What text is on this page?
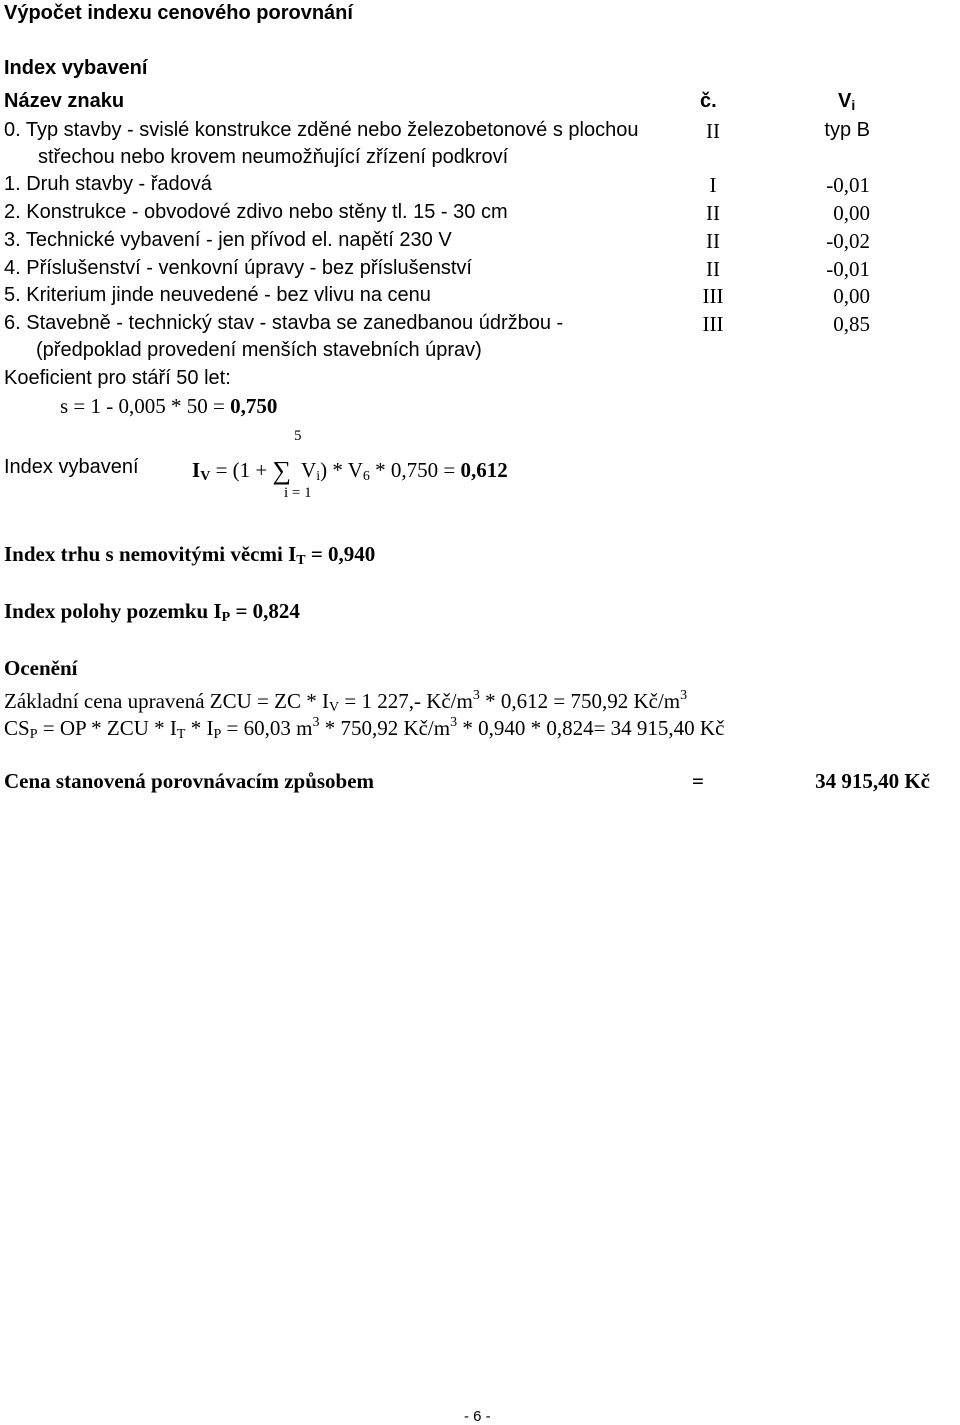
Výpočet indexu cenového porovnání
Index vybavení
Název znaku	č.	$V_i$
0. Typ stavby - svislé konstrukce zděné nebo železobetonové s plochou
střechou nebo krovem neumožňující zřízení podkroví
II	typ B
1. Druh stavby - řadová	I	-0,01
2. Konstrukce - obvodové zdivo nebo stěny tl. 15 - 30 cm	II	0,00
3. Technické vybavení - jen přívod el. napětí 230 V	II	-0,02
4. Příslušenství - venkovní úpravy - bez příslušenství	II	-0,01
5. Kriterium jinde neuvedené - bez vlivu na cenu	III	0,00
6. Stavebně - technický stav - stavba se zanedbanou údržbou -
(předpoklad provedení menších stavebních úprav)
III	0,85
Koeficient pro stáří 50 let:
s = 1 - 0,005 * 50 = 0,750
5
Index vybavení	$I_V = (1$ + ∑ $V_i) * V_6 * 0,750 = 0,612$
i = 1
Index trhu s nemovitými věcmi $I_T = 0,940$
Index polohy pozemku $I_P = 0,824$
Ocenění
Základní cena upravená ZCU = ZC * $I_V = 1$ 227,- $Kč/m^3 * 0,612 = 750,92$ $Kč/m^3$
$CS_P$ = OP * ZCU * $I_T * I_P = 60,03$ $m^3 * 750,92$ $Kč/m^3 * 0,940 * 0,824= 34$ 915,40 Kč
Cena stanovená porovnávacím způsobem	=	34 915,40 Kč
- 6 -
